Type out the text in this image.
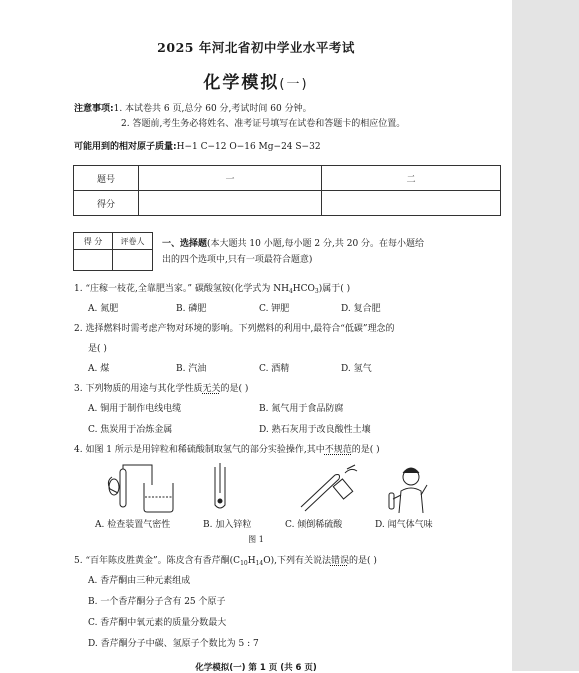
2025 年河北省初中学业水平考试
化学模拟(一)
注意事项:1. 本试卷共 6 页,总分 60 分,考试时间 60 分钟。
2. 答题前,考生务必将姓名、准考证号填写在试卷和答题卡的相应位置。
可能用到的相对原子质量:H−1 C−12 O−16 Mg−24 S−32
题号	一	二
得分		
得 分	评卷人
	一、选择题(本大题共 10 小题,每小题 2 分,共 20 分。在每小题给
出的四个选项中,只有一项最符合题意)
1. “庄稼一枝花,全靠肥当家。” 碳酸氢铵(化学式为 $NH_4HCO_3$)属于( )
A. 氮肥	B. 磷肥	C. 钾肥	D. 复合肥
2. 选择燃料时需考虑产物对环境的影响。下列燃料的利用中,最符合“低碳”理念的
是( )
A. 煤	B. 汽油	C. 酒精	D. 氢气
3. 下列物质的用途与其化学性质无关的是( )
A. 铜用于制作电线电缆	B. 氮气用于食品防腐
C. 焦炭用于冶炼金属	D. 熟石灰用于改良酸性土壤
4. 如图 1 所示是用锌粒和稀硫酸制取氢气的部分实验操作,其中不规范的是( )
A. 检查装置气密性	B. 加入锌粒	C. 倾倒稀硫酸	D. 闻气体气味
图 1
5. “百年陈皮胜黄金”。陈皮含有香芹酮$(C_{10}H_{14}O)$,下列有关说法错误的是( )
A. 香芹酮由三种元素组成
B. 一个香芹酮分子含有 25 个原子
C. 香芹酮中氧元素的质量分数最大
D. 香芹酮分子中碳、氢原子个数比为 5 : 7
化学模拟(一) 第 1 页 (共 6 页)
